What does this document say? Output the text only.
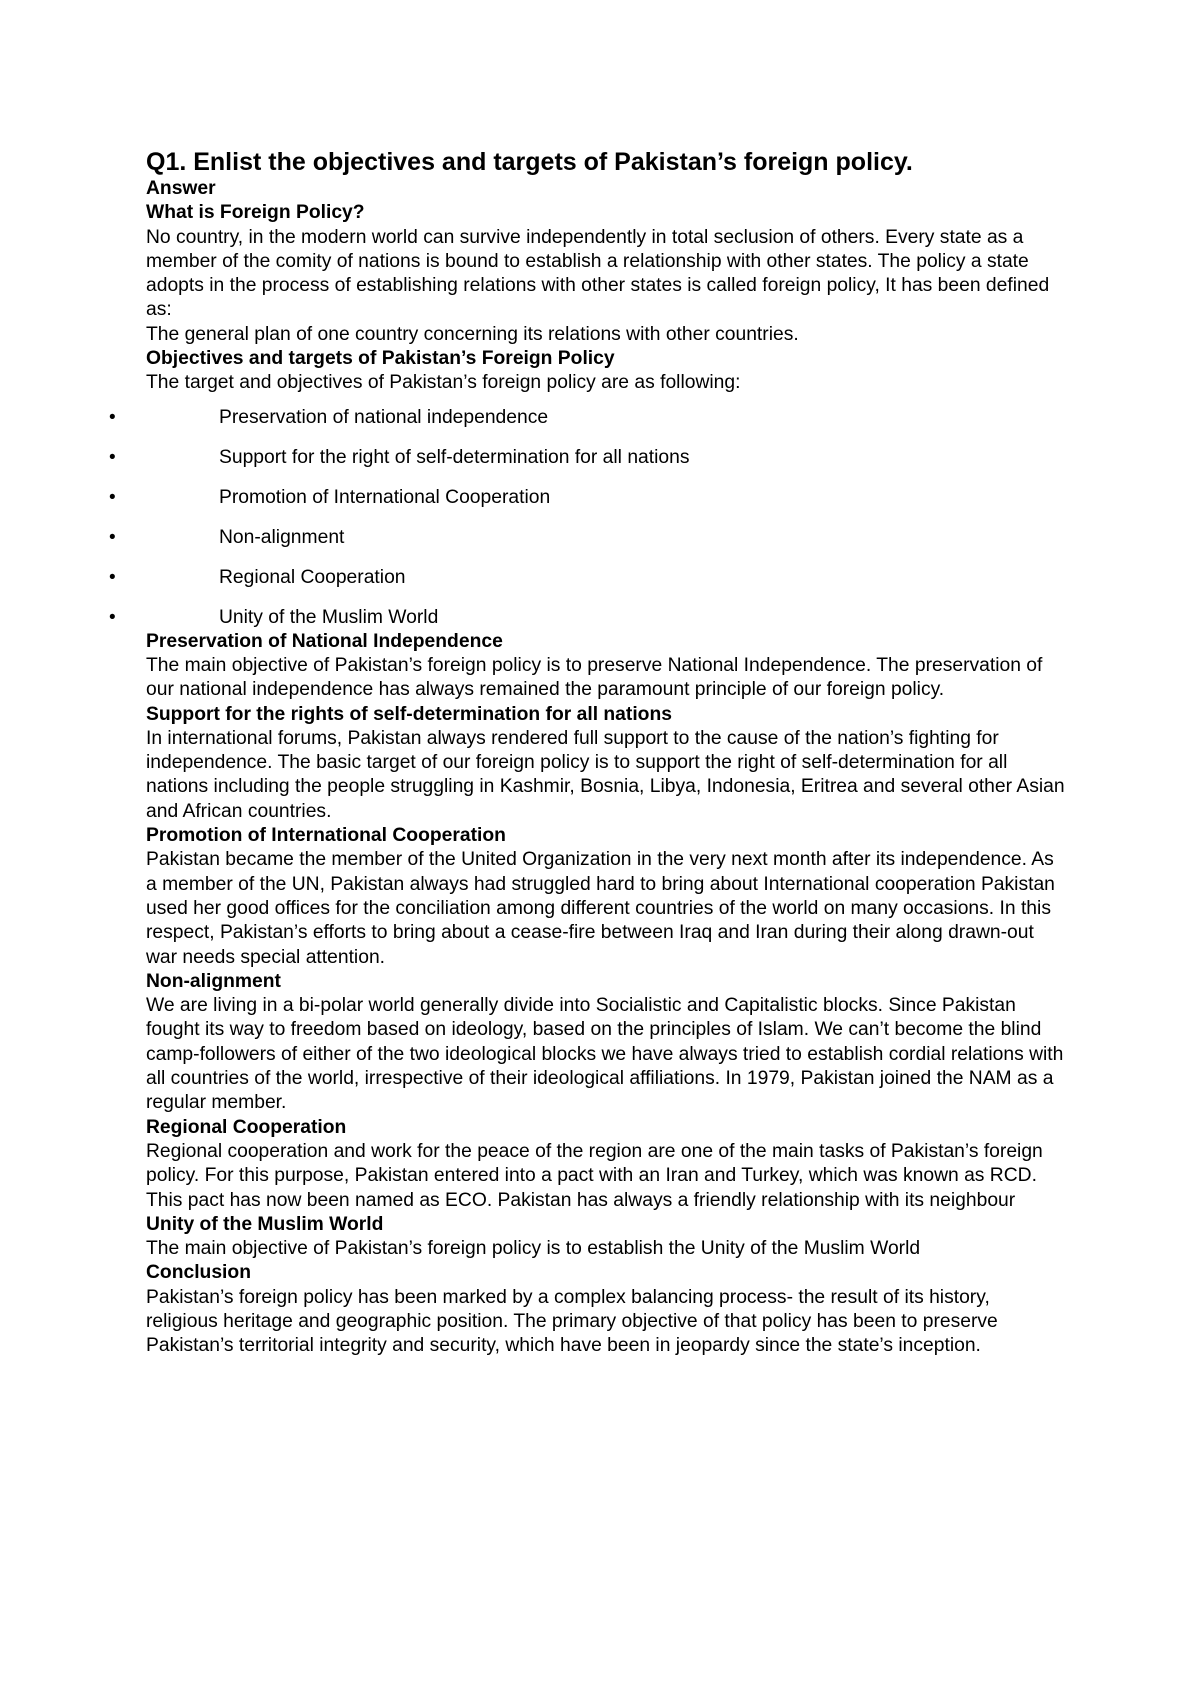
Q1. Enlist the objectives and targets of Pakistan’s foreign policy.

Answer

What is Foreign Policy?

No country, in the modern world can survive independently in total seclusion of others. Every state as a member of the comity of nations is bound to establish a relationship with other states. The policy a state adopts in the process of establishing relations with other states is called foreign policy, It has been defined as:

The general plan of one country concerning its relations with other countries.

Objectives and targets of Pakistan’s Foreign Policy

The target and objectives of Pakistan’s foreign policy are as following:

•	Preservation of national independence
•	Support for the right of self-determination for all nations
•	Promotion of International Cooperation
•	Non-alignment
•	Regional Cooperation
•	Unity of the Muslim World

Preservation of National Independence

The main objective of Pakistan’s foreign policy is to preserve National Independence. The preservation of our national independence has always remained the paramount principle of our foreign policy.

Support for the rights of self-determination for all nations

In international forums, Pakistan always rendered full support to the cause of the nation’s fighting for independence. The basic target of our foreign policy is to support the right of self-determination for all nations including the people struggling in Kashmir, Bosnia, Libya, Indonesia, Eritrea and several other Asian and African countries.

Promotion of International Cooperation

Pakistan became the member of the United Organization in the very next month after its independence. As a member of the UN, Pakistan always had struggled hard to bring about International cooperation Pakistan used her good offices for the conciliation among different countries of the world on many occasions. In this respect, Pakistan’s efforts to bring about a cease-fire between Iraq and Iran during their along drawn-out war needs special attention.

Non-alignment

We are living in a bi-polar world generally divide into Socialistic and Capitalistic blocks. Since Pakistan fought its way to freedom based on ideology, based on the principles of Islam. We can’t become the blind camp-followers of either of the two ideological blocks we have always tried to establish cordial relations with all countries of the world, irrespective of their ideological affiliations. In 1979, Pakistan joined the NAM as a regular member.

Regional Cooperation

Regional cooperation and work for the peace of the region are one of the main tasks of Pakistan’s foreign policy. For this purpose, Pakistan entered into a pact with an Iran and Turkey, which was known as RCD. This pact has now been named as ECO. Pakistan has always a friendly relationship with its neighbour

Unity of the Muslim World

The main objective of Pakistan’s foreign policy is to establish the Unity of the Muslim World

Conclusion

Pakistan’s foreign policy has been marked by a complex balancing process- the result of its history, religious heritage and geographic position. The primary objective of that policy has been to preserve Pakistan’s territorial integrity and security, which have been in jeopardy since the state’s inception.
